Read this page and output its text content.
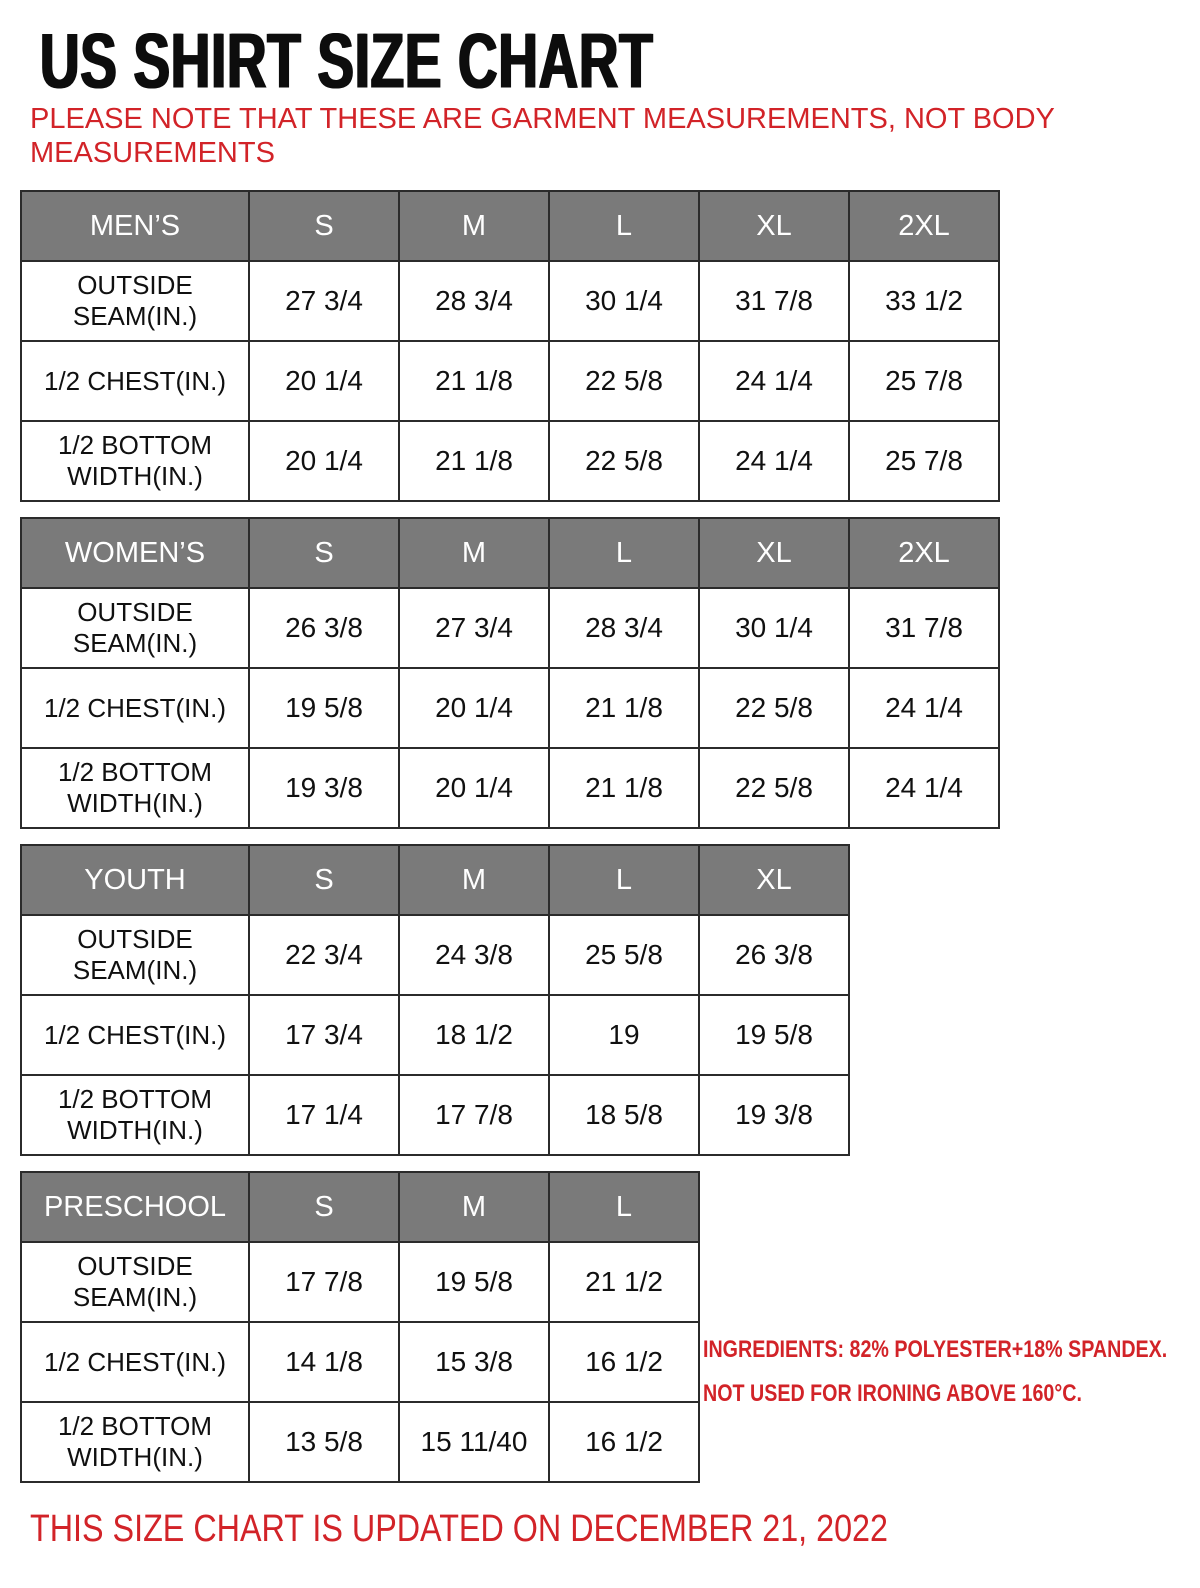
US SHIRT SIZE CHART

PLEASE NOTE THAT THESE ARE GARMENT MEASUREMENTS, NOT BODY MEASUREMENTS

MEN’S	S	M	L	XL	2XL
OUTSIDE SEAM(IN.)	27 3/4	28 3/4	30 1/4	31 7/8	33 1/2
1/2 CHEST(IN.)	20 1/4	21 1/8	22 5/8	24 1/4	25 7/8
1/2 BOTTOM WIDTH(IN.)	20 1/4	21 1/8	22 5/8	24 1/4	25 7/8
WOMEN’S	S	M	L	XL	2XL
OUTSIDE SEAM(IN.)	26 3/8	27 3/4	28 3/4	30 1/4	31 7/8
1/2 CHEST(IN.)	19 5/8	20 1/4	21 1/8	22 5/8	24 1/4
1/2 BOTTOM WIDTH(IN.)	19 3/8	20 1/4	21 1/8	22 5/8	24 1/4
YOUTH	S	M	L	XL
OUTSIDE SEAM(IN.)	22 3/4	24 3/8	25 5/8	26 3/8
1/2 CHEST(IN.)	17 3/4	18 1/2	19	19 5/8
1/2 BOTTOM WIDTH(IN.)	17 1/4	17 7/8	18 5/8	19 3/8
PRESCHOOL	S	M	L
OUTSIDE SEAM(IN.)	17 7/8	19 5/8	21 1/2
1/2 CHEST(IN.)	14 1/8	15 3/8	16 1/2
1/2 BOTTOM WIDTH(IN.)	13 5/8	15 11/40	16 1/2
INGREDIENTS: 82% POLYESTER+18% SPANDEX.
NOT USED FOR IRONING ABOVE 160°C.

THIS SIZE CHART IS UPDATED ON DECEMBER 21, 2022
